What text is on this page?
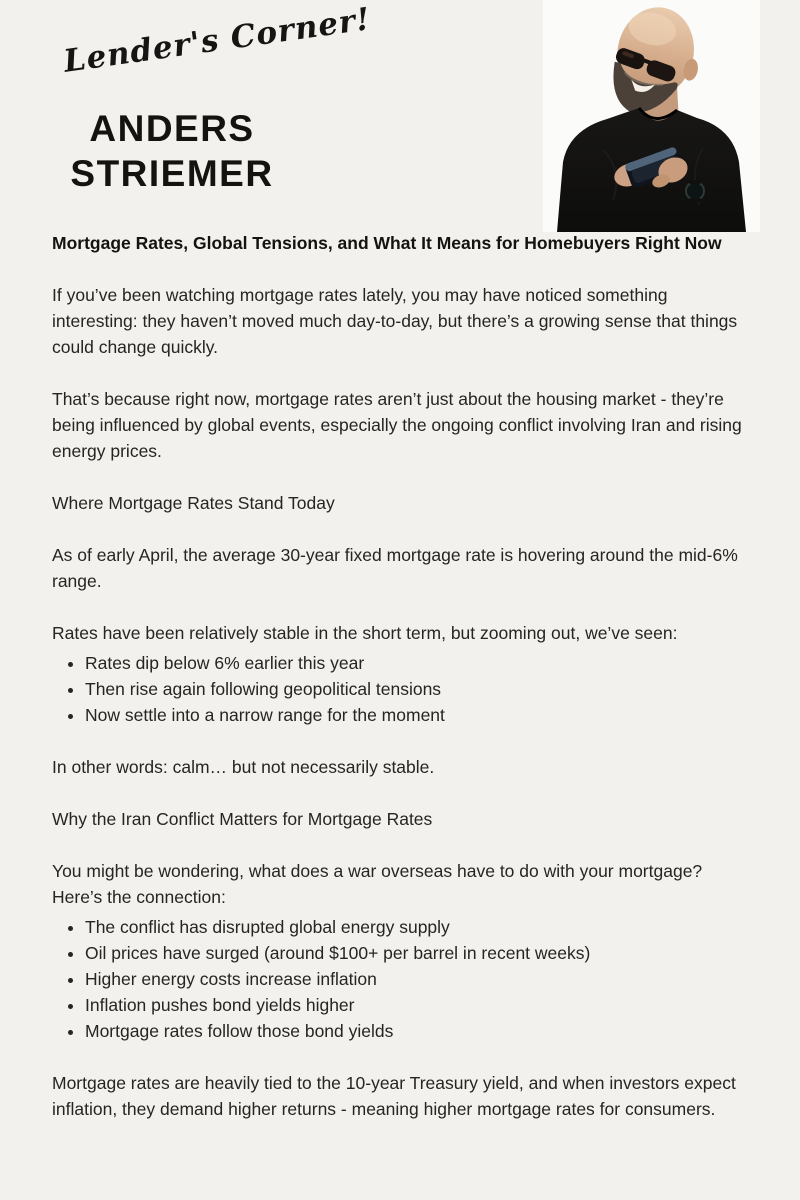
Lender's Corner!
ANDERS
STRIEMER
Mortgage Rates, Global Tensions, and What It Means for Homebuyers Right Now

If you’ve been watching mortgage rates lately, you may have noticed something interesting: they haven’t moved much day-to-day, but there’s a growing sense that things could change quickly.

That’s because right now, mortgage rates aren’t just about the housing market - they’re being influenced by global events, especially the ongoing conflict involving Iran and rising energy prices.

Where Mortgage Rates Stand Today

As of early April, the average 30-year fixed mortgage rate is hovering around the mid-6% range.

Rates have been relatively stable in the short term, but zooming out, we’ve seen:

• Rates dip below 6% earlier this year
• Then rise again following geopolitical tensions
• Now settle into a narrow range for the moment

In other words: calm… but not necessarily stable.

Why the Iran Conflict Matters for Mortgage Rates

You might be wondering, what does a war overseas have to do with your mortgage?

Here’s the connection:

• The conflict has disrupted global energy supply
• Oil prices have surged (around $100+ per barrel in recent weeks)
• Higher energy costs increase inflation
• Inflation pushes bond yields higher
• Mortgage rates follow those bond yields

Mortgage rates are heavily tied to the 10-year Treasury yield, and when investors expect inflation, they demand higher returns - meaning higher mortgage rates for consumers.
